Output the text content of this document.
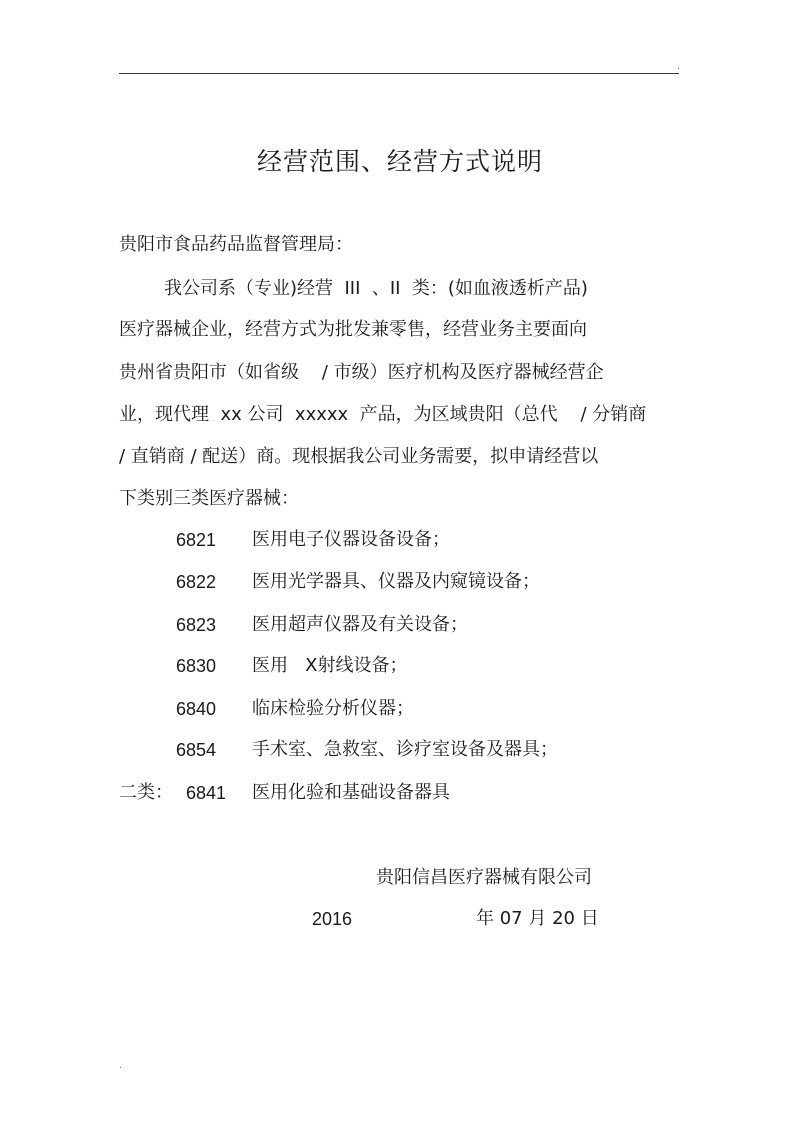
.
经营范围、经营方式说明
贵阳市食品药品监督管理局：
我公司系（专业)经营  III  、II  类：(如血液透析产品)
医疗器械企业，经营方式为批发兼零售，经营业务主要面向
贵州省贵阳市（如省级    / 市级）医疗机构及医疗器械经营企
业，现代理  xx 公司  xxxxx  产品，为区域贵阳（总代    / 分销商
/ 直销商 / 配送）商。现根据我公司业务需要，拟申请经营以
下类别三类医疗器械：
6821 医用电子仪器设备设备；
6822 医用光学器具、仪器及内窥镜设备；
6823 医用超声仪器及有关设备；
6830 医用   X射线设备；
6840 临床检验分析仪器；
6854 手术室、急救室、诊疗室设备及器具；
二类： 6841 医用化验和基础设备器具
贵阳信昌医疗器械有限公司
2016	年 07 月 20 日
.
